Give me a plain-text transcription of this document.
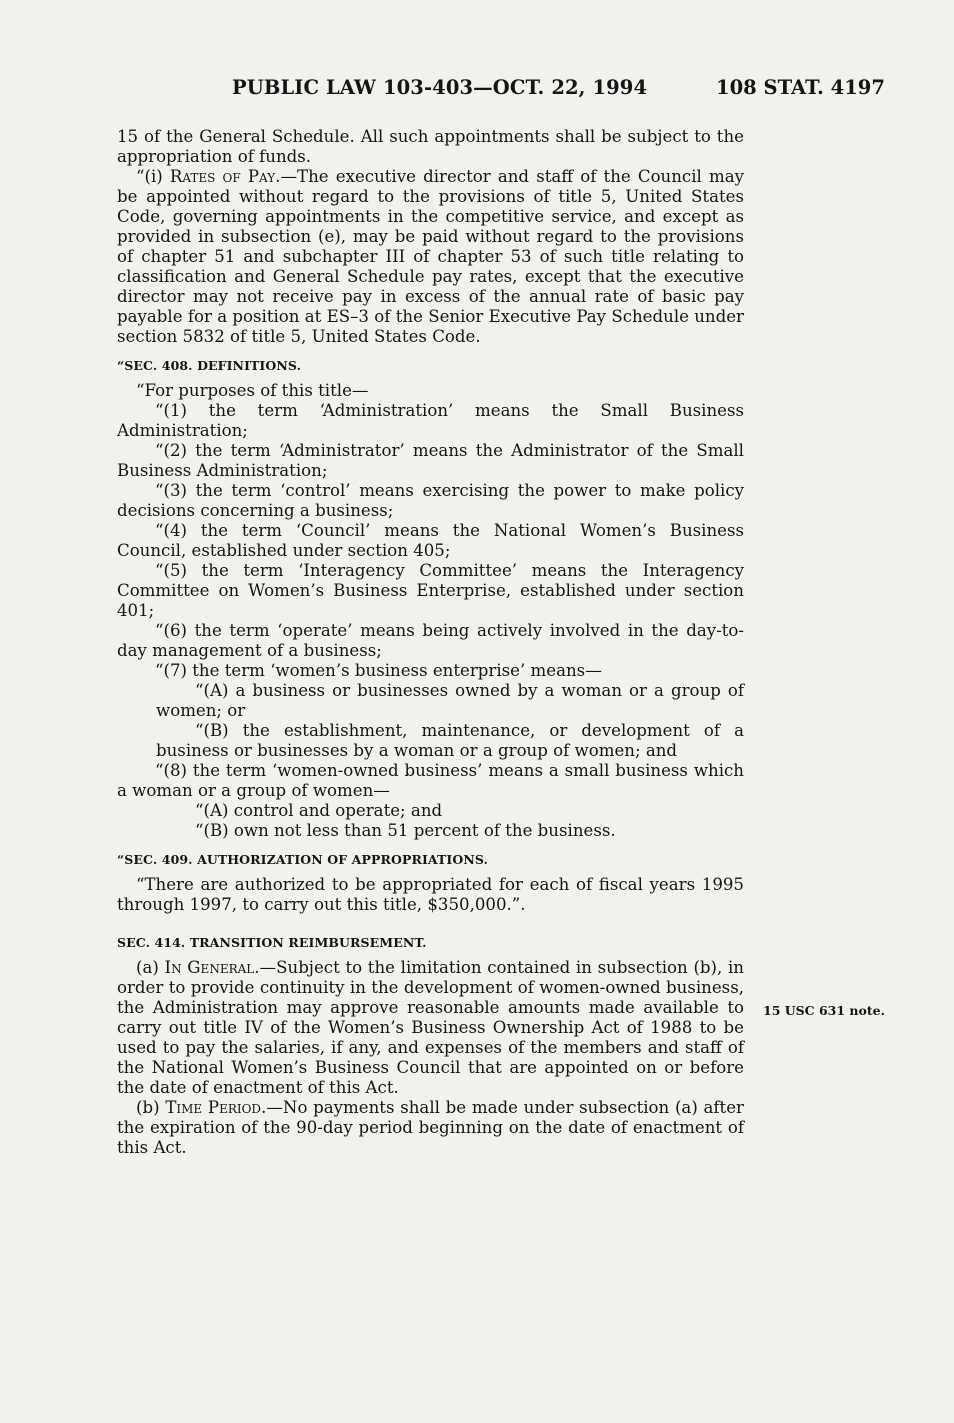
PUBLIC LAW 103-403—OCT. 22, 1994	108 STAT. 4197

15 of the General Schedule. All such appointments shall be subject to the appropriation of funds.

“(i) Rates of Pay.—The executive director and staff of the Council may be appointed without regard to the provisions of title 5, United States Code, governing appointments in the competitive service, and except as provided in subsection (e), may be paid without regard to the provisions of chapter 51 and subchapter III of chapter 53 of such title relating to classification and General Schedule pay rates, except that the executive director may not receive pay in excess of the annual rate of basic pay payable for a position at ES–3 of the Senior Executive Pay Schedule under section 5832 of title 5, United States Code.

“SEC. 408. DEFINITIONS.

“For purposes of this title—

“(1) the term ‘Administration’ means the Small Business Administration;

“(2) the term ‘Administrator’ means the Administrator of the Small Business Administration;

“(3) the term ‘control’ means exercising the power to make policy decisions concerning a business;

“(4) the term ‘Council’ means the National Women’s Business Council, established under section 405;

“(5) the term ‘Interagency Committee’ means the Interagency Committee on Women’s Business Enterprise, established under section 401;

“(6) the term ‘operate’ means being actively involved in the day-to-day management of a business;

“(7) the term ‘women’s business enterprise’ means—

“(A) a business or businesses owned by a woman or a group of women; or

“(B) the establishment, maintenance, or development of a business or businesses by a woman or a group of women; and

“(8) the term ‘women-owned business’ means a small business which a woman or a group of women—

“(A) control and operate; and

“(B) own not less than 51 percent of the business.

“SEC. 409. AUTHORIZATION OF APPROPRIATIONS.

“There are authorized to be appropriated for each of fiscal years 1995 through 1997, to carry out this title, $350,000.”.

SEC. 414. TRANSITION REIMBURSEMENT.

(a) In General.—Subject to the limitation contained in subsection (b), in order to provide continuity in the development of women-owned business, the Administration may approve reasonable amounts made available to carry out title IV of the Women’s Business Ownership Act of 1988 to be used to pay the salaries, if any, and expenses of the members and staff of the National Women’s Business Council that are appointed on or before the date of enactment of this Act.

(b) Time Period.—No payments shall be made under subsection (a) after the expiration of the 90-day period beginning on the date of enactment of this Act.

15 USC 631 note.
